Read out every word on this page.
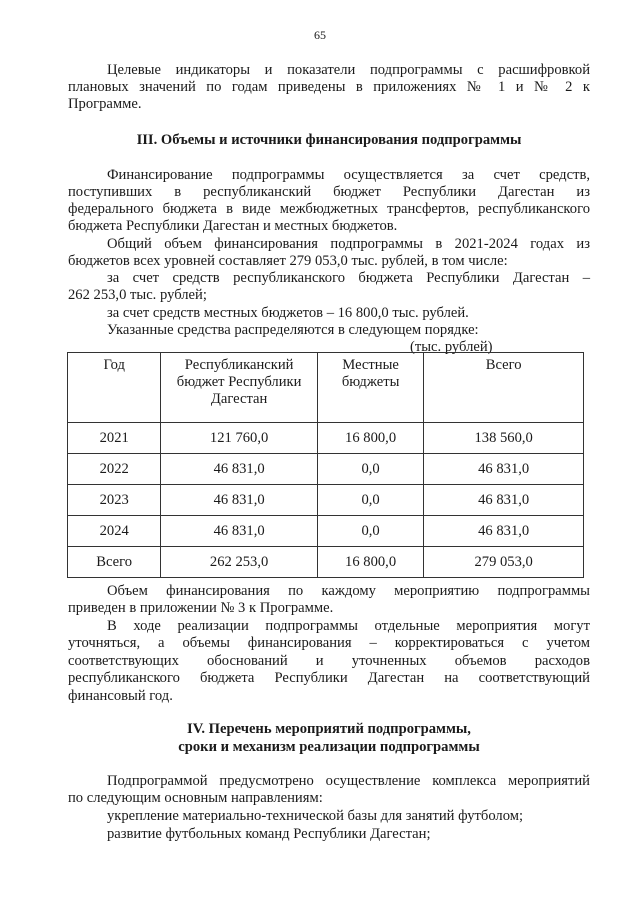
65
Целевые индикаторы и показатели подпрограммы с расшифровкой
плановых значений по годам приведены в приложениях № 1 и № 2 к
Программе.
III. Объемы и источники финансирования подпрограммы
Финансирование подпрограммы осуществляется за счет средств,
поступивших в республиканский бюджет Республики Дагестан из
федерального бюджета в виде межбюджетных трансфертов, республиканского
бюджета Республики Дагестан и местных бюджетов.
Общий объем финансирования подпрограммы в 2021-2024 годах из
бюджетов всех уровней составляет 279 053,0 тыс. рублей, в том числе:
за счет средств республиканского бюджета Республики Дагестан –
262 253,0 тыс. рублей;
за счет средств местных бюджетов – 16 800,0 тыс. рублей.
Указанные средства распределяются в следующем порядке:
(тыс. рублей)
Год	Республиканский бюджет Республики Дагестан	Местные бюджеты	Всего
2021	121 760,0	16 800,0	138 560,0
2022	46 831,0	0,0	46 831,0
2023	46 831,0	0,0	46 831,0
2024	46 831,0	0,0	46 831,0
Всего	262 253,0	16 800,0	279 053,0
Объем финансирования по каждому мероприятию подпрограммы
приведен в приложении № 3 к Программе.
В ходе реализации подпрограммы отдельные мероприятия могут
уточняться, а объемы финансирования – корректироваться с учетом
соответствующих обоснований и уточненных объемов расходов
республиканского бюджета Республики Дагестан на соответствующий
финансовый год.
IV. Перечень мероприятий подпрограммы,
сроки и механизм реализации подпрограммы
Подпрограммой предусмотрено осуществление комплекса мероприятий
по следующим основным направлениям:
укрепление материально-технической базы для занятий футболом;
развитие футбольных команд Республики Дагестан;
